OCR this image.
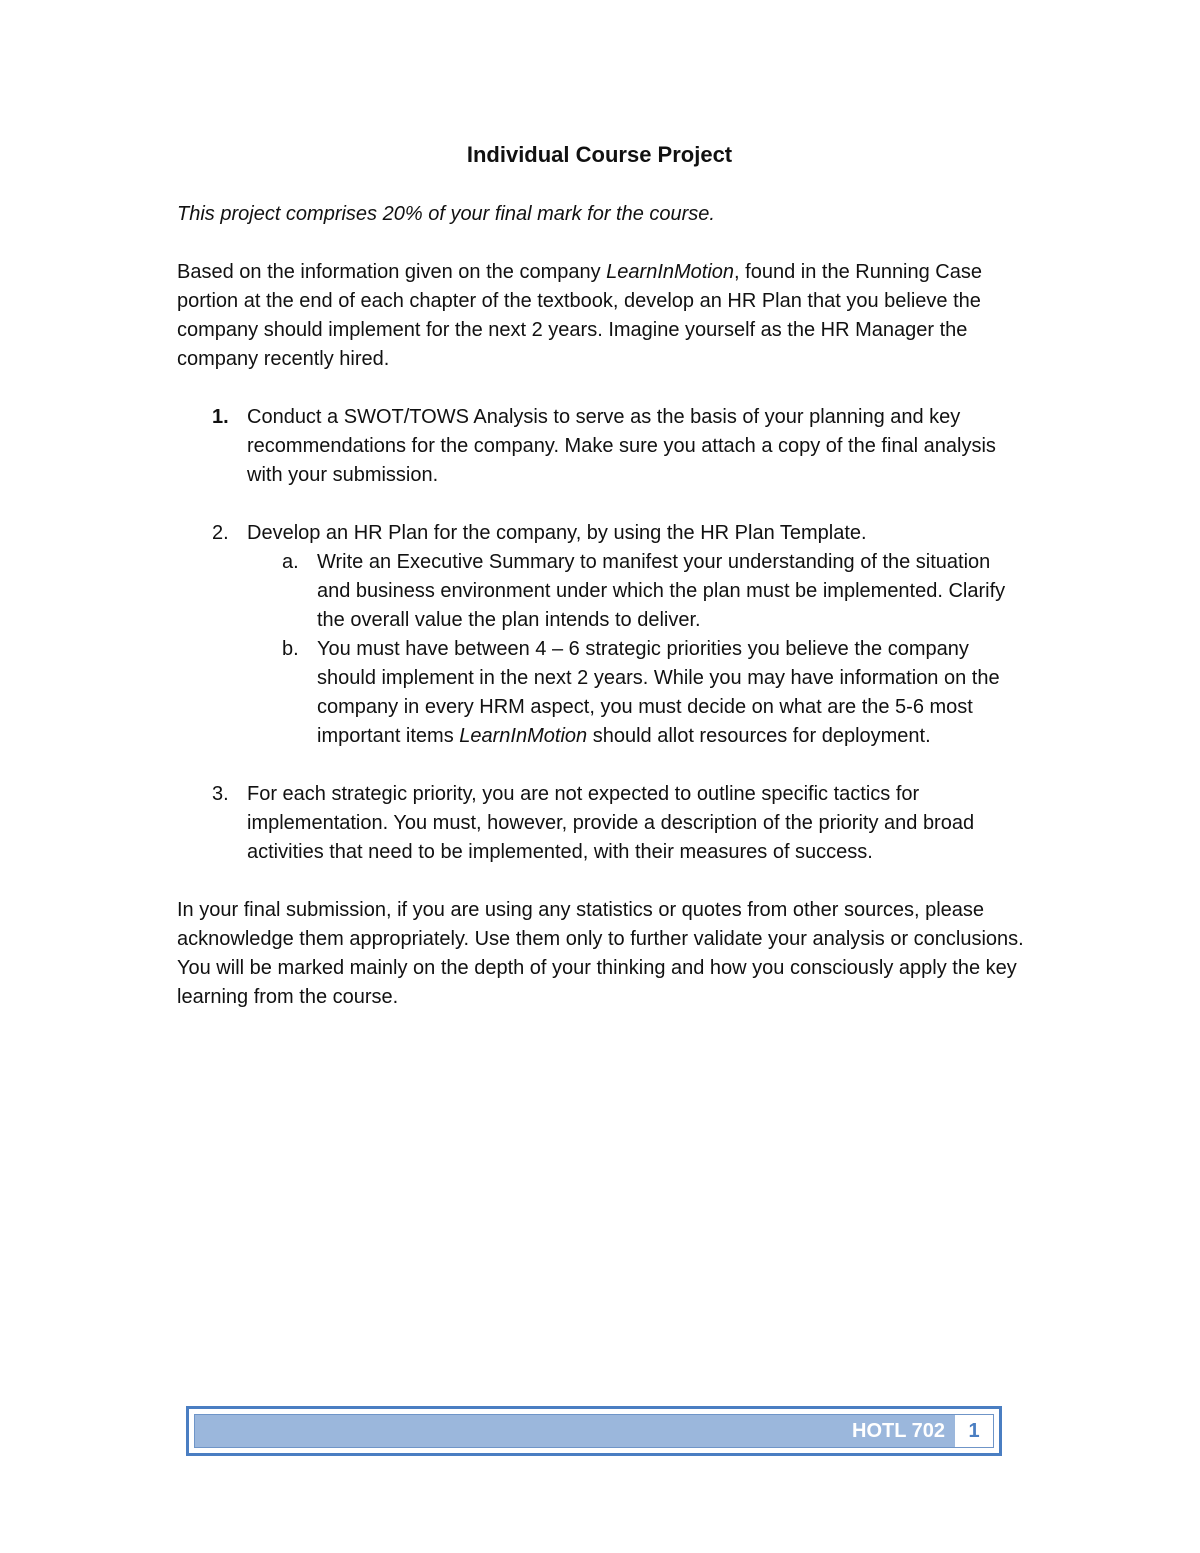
Individual Course Project

This project comprises 20% of your final mark for the course.

Based on the information given on the company LearnInMotion, found in the Running Case portion at the end of each chapter of the textbook, develop an HR Plan that you believe the company should implement for the next 2 years. Imagine yourself as the HR Manager the company recently hired.

1. Conduct a SWOT/TOWS Analysis to serve as the basis of your planning and key recommendations for the company. Make sure you attach a copy of the final analysis with your submission.
2. Develop an HR Plan for the company, by using the HR Plan Template.
a. Write an Executive Summary to manifest your understanding of the situation and business environment under which the plan must be implemented. Clarify the overall value the plan intends to deliver.
b. You must have between 4 – 6 strategic priorities you believe the company should implement in the next 2 years. While you may have information on the company in every HRM aspect, you must decide on what are the 5-6 most important items LearnInMotion should allot resources for deployment.
3. For each strategic priority, you are not expected to outline specific tactics for implementation. You must, however, provide a description of the priority and broad activities that need to be implemented, with their measures of success.

In your final submission, if you are using any statistics or quotes from other sources, please acknowledge them appropriately. Use them only to further validate your analysis or conclusions. You will be marked mainly on the depth of your thinking and how you consciously apply the key learning from the course.

HOTL 702	1
